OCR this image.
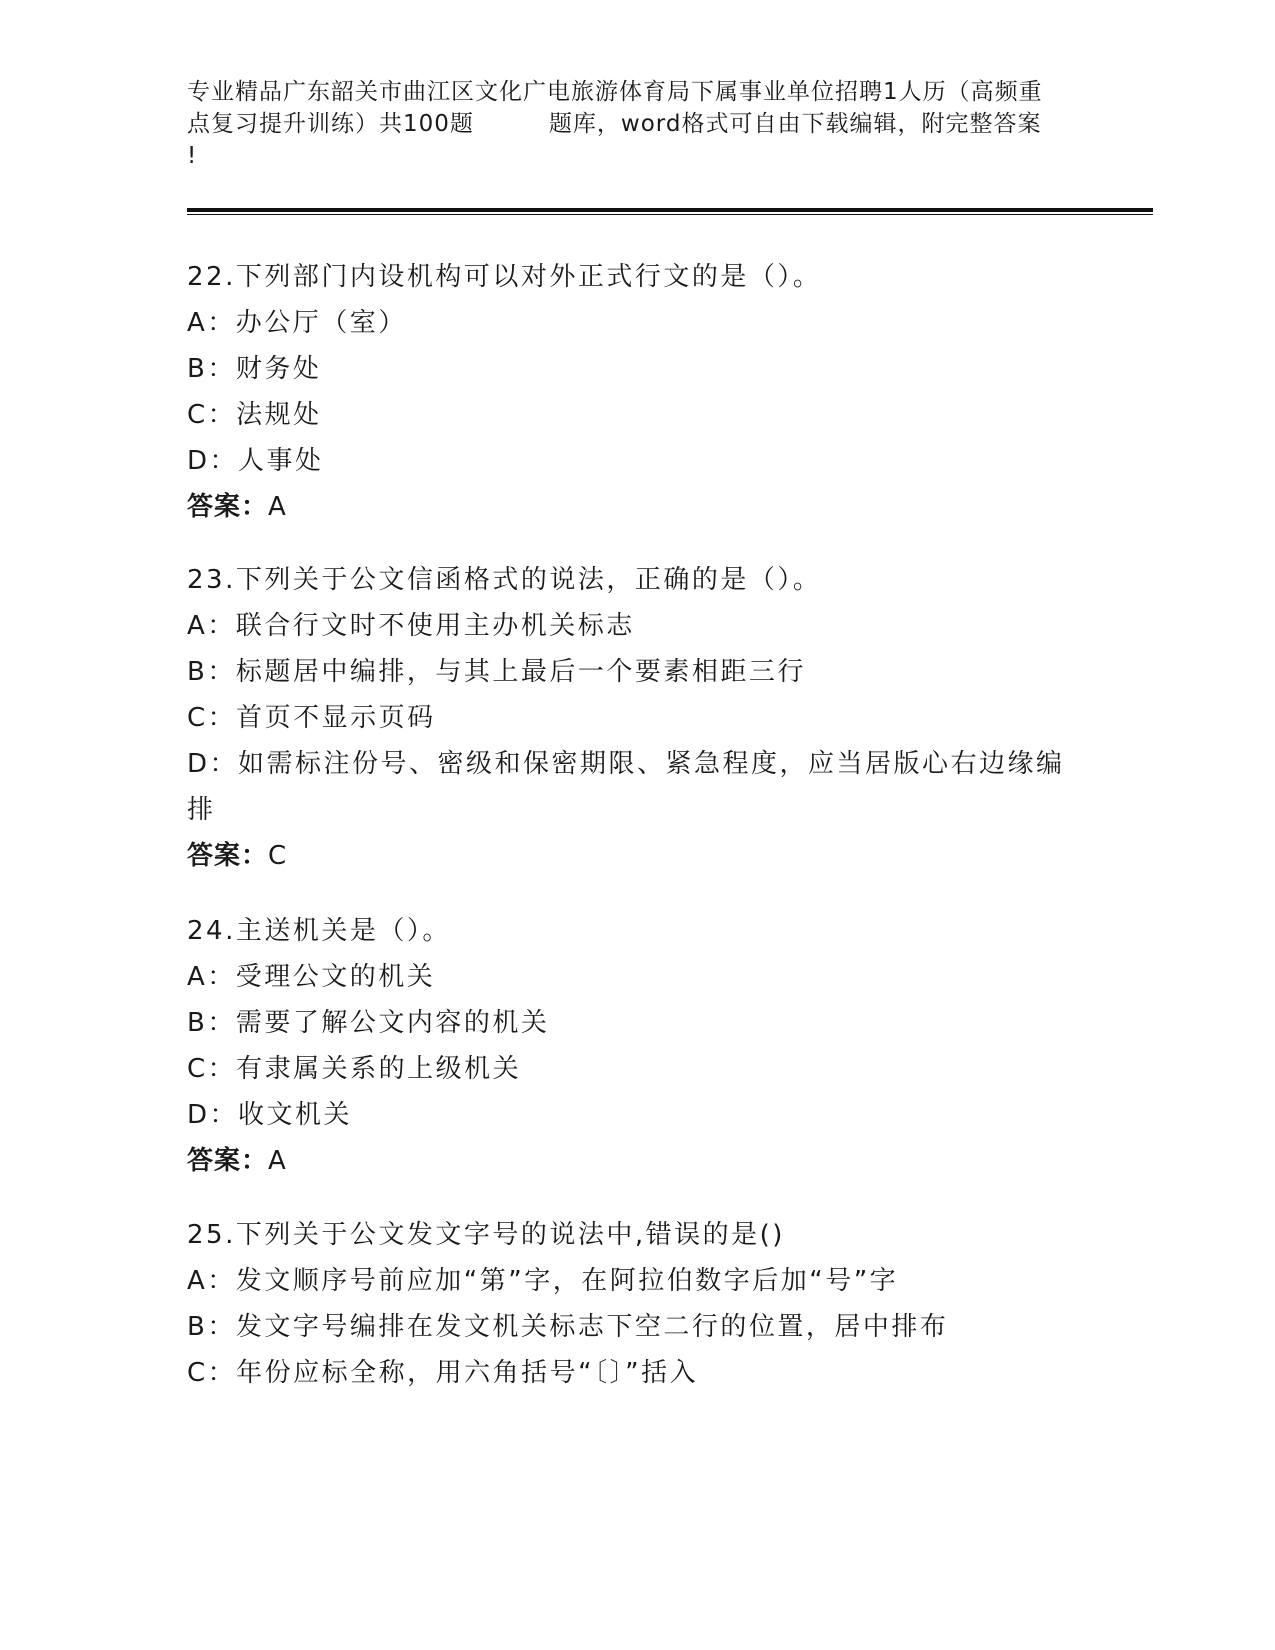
专业精品广东韶关市曲江区文化广电旅游体育局下属事业单位招聘1人历（高频重
点复习提升训练）共100题	题库，word格式可自由下载编辑，附完整答案
!
22.下列部门内设机构可以对外正式行文的是（）。
A：办公厅（室）
B：财务处
C：法规处
D：人事处
答案：A
23.下列关于公文信函格式的说法，正确的是（）。
A：联合行文时不使用主办机关标志
B：标题居中编排，与其上最后一个要素相距三行
C：首页不显示页码
D：如需标注份号、密级和保密期限、紧急程度，应当居版心右边缘编
排
答案：C
24.主送机关是（）。
A：受理公文的机关
B：需要了解公文内容的机关
C：有隶属关系的上级机关
D：收文机关
答案：A
25.下列关于公文发文字号的说法中,错误的是()
A：发文顺序号前应加“第”字，在阿拉伯数字后加“号”字
B：发文字号编排在发文机关标志下空二行的位置，居中排布
C：年份应标全称，用六角括号“〔〕”括入
